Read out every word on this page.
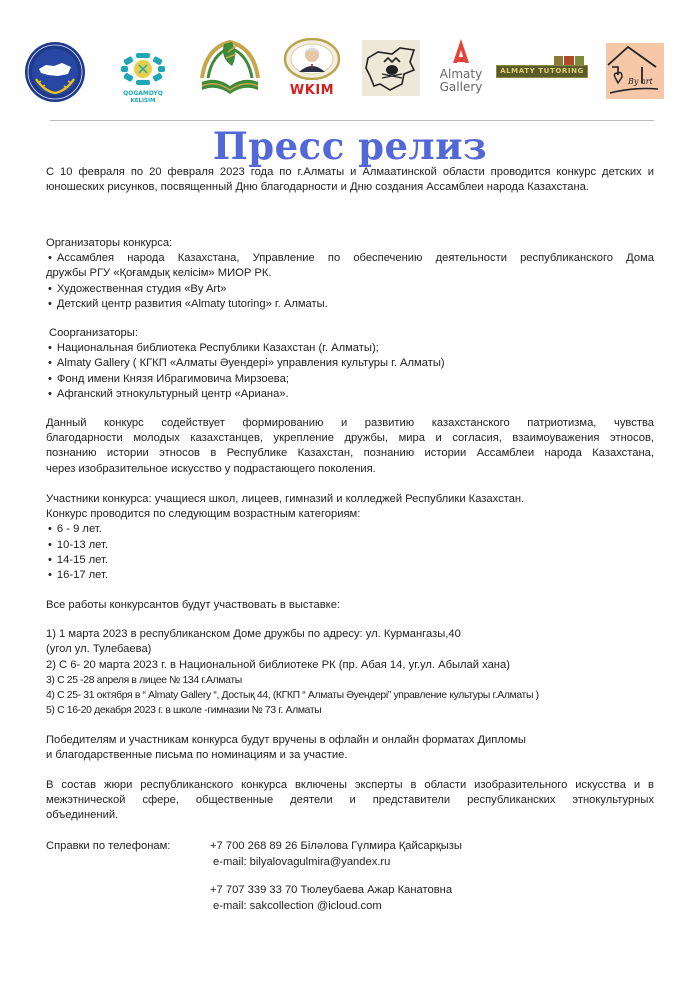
QOGAMDYQ
KELISIM
WKIM
Almaty
Gallery
ALMATY TUTORING
By art
Пресс релиз
С 10 февраля по 20 февраля 2023 года по г.Алматы и Алмаатинской области проводится конкурс детских и
юношеских рисунков, посвященный Дню благодарности и Дню создания Ассамблеи народа Казахстана.
Организаторы конкурса:
• Ассамблея народа Казахстана, Управление по обеспечению деятельности республиканского Дома
дружбы РГУ «Қоғамдық келісім» МИОР РК.
• Художественная студия «By Art»
• Детский центр развития «Almaty tutoring» г. Алматы.
Соорганизаторы:
• Национальная библиотека Республики Казахстан (г. Алматы);
• Almaty Gallery ( КГКП «Алматы Әуендері» управления культуры г. Алматы)
• Фонд имени Князя Ибрагимовича Мирзоева;
• Афганский этнокультурный центр «Ариана».
Данный конкурс содействует формированию и развитию казахстанского патриотизма, чувства
благодарности молодых казахстанцев, укрепление дружбы, мира и согласия, взаимоуважения этносов,
познанию истории этносов в Республике Казахстан, познанию истории Ассамблеи народа Казахстана,
через изобразительное искусство у подрастающего поколения.
Участники конкурса: учащиеся школ, лицеев, гимназий и колледжей Республики Казахстан.
Конкурс проводится по следующим возрастным категориям:
• 6 - 9 лет.
• 10-13 лет.
• 14-15 лет.
• 16-17 лет.
Все работы конкурсантов будут участвовать в выставке:
1) 1 марта 2023 в республиканском Доме дружбы по адресу: ул. Курмангазы,40
(угол ул. Тулебаева)
2) С 6- 20 марта 2023 г. в Национальной библиотеке РК (пр. Абая 14, уг.ул. Абылай хана)
3) С 25 -28 апреля в лицее № 134 г.Алматы
4) С 25- 31 октября в “ Almaty Gallery “, Достық 44, (КГКП “ Алматы Әуендері” управление культуры г.Алматы )
5) С 16-20 декабря 2023 г. в школе -гимназии № 73 г. Алматы
Победителям и участникам конкурса будут вручены в офлайн и онлайн форматах Дипломы
и благодарственные письма по номинациям и за участие.
В состав жюри республиканского конкурса включены эксперты в области изобразительного искусства и в
межэтнической сфере, общественные деятели и представители республиканских этнокультурных
объединений.
Справки по телефонам:	+7 700 268 89 26 Біләлова Гүлмира Қайсарқызы
e-mail: bilyalovagulmira@yandex.ru
+7 707 339 33 70 Тюлеубаева Ажар Канатовна
e-mail: sakcollection @icloud.com
